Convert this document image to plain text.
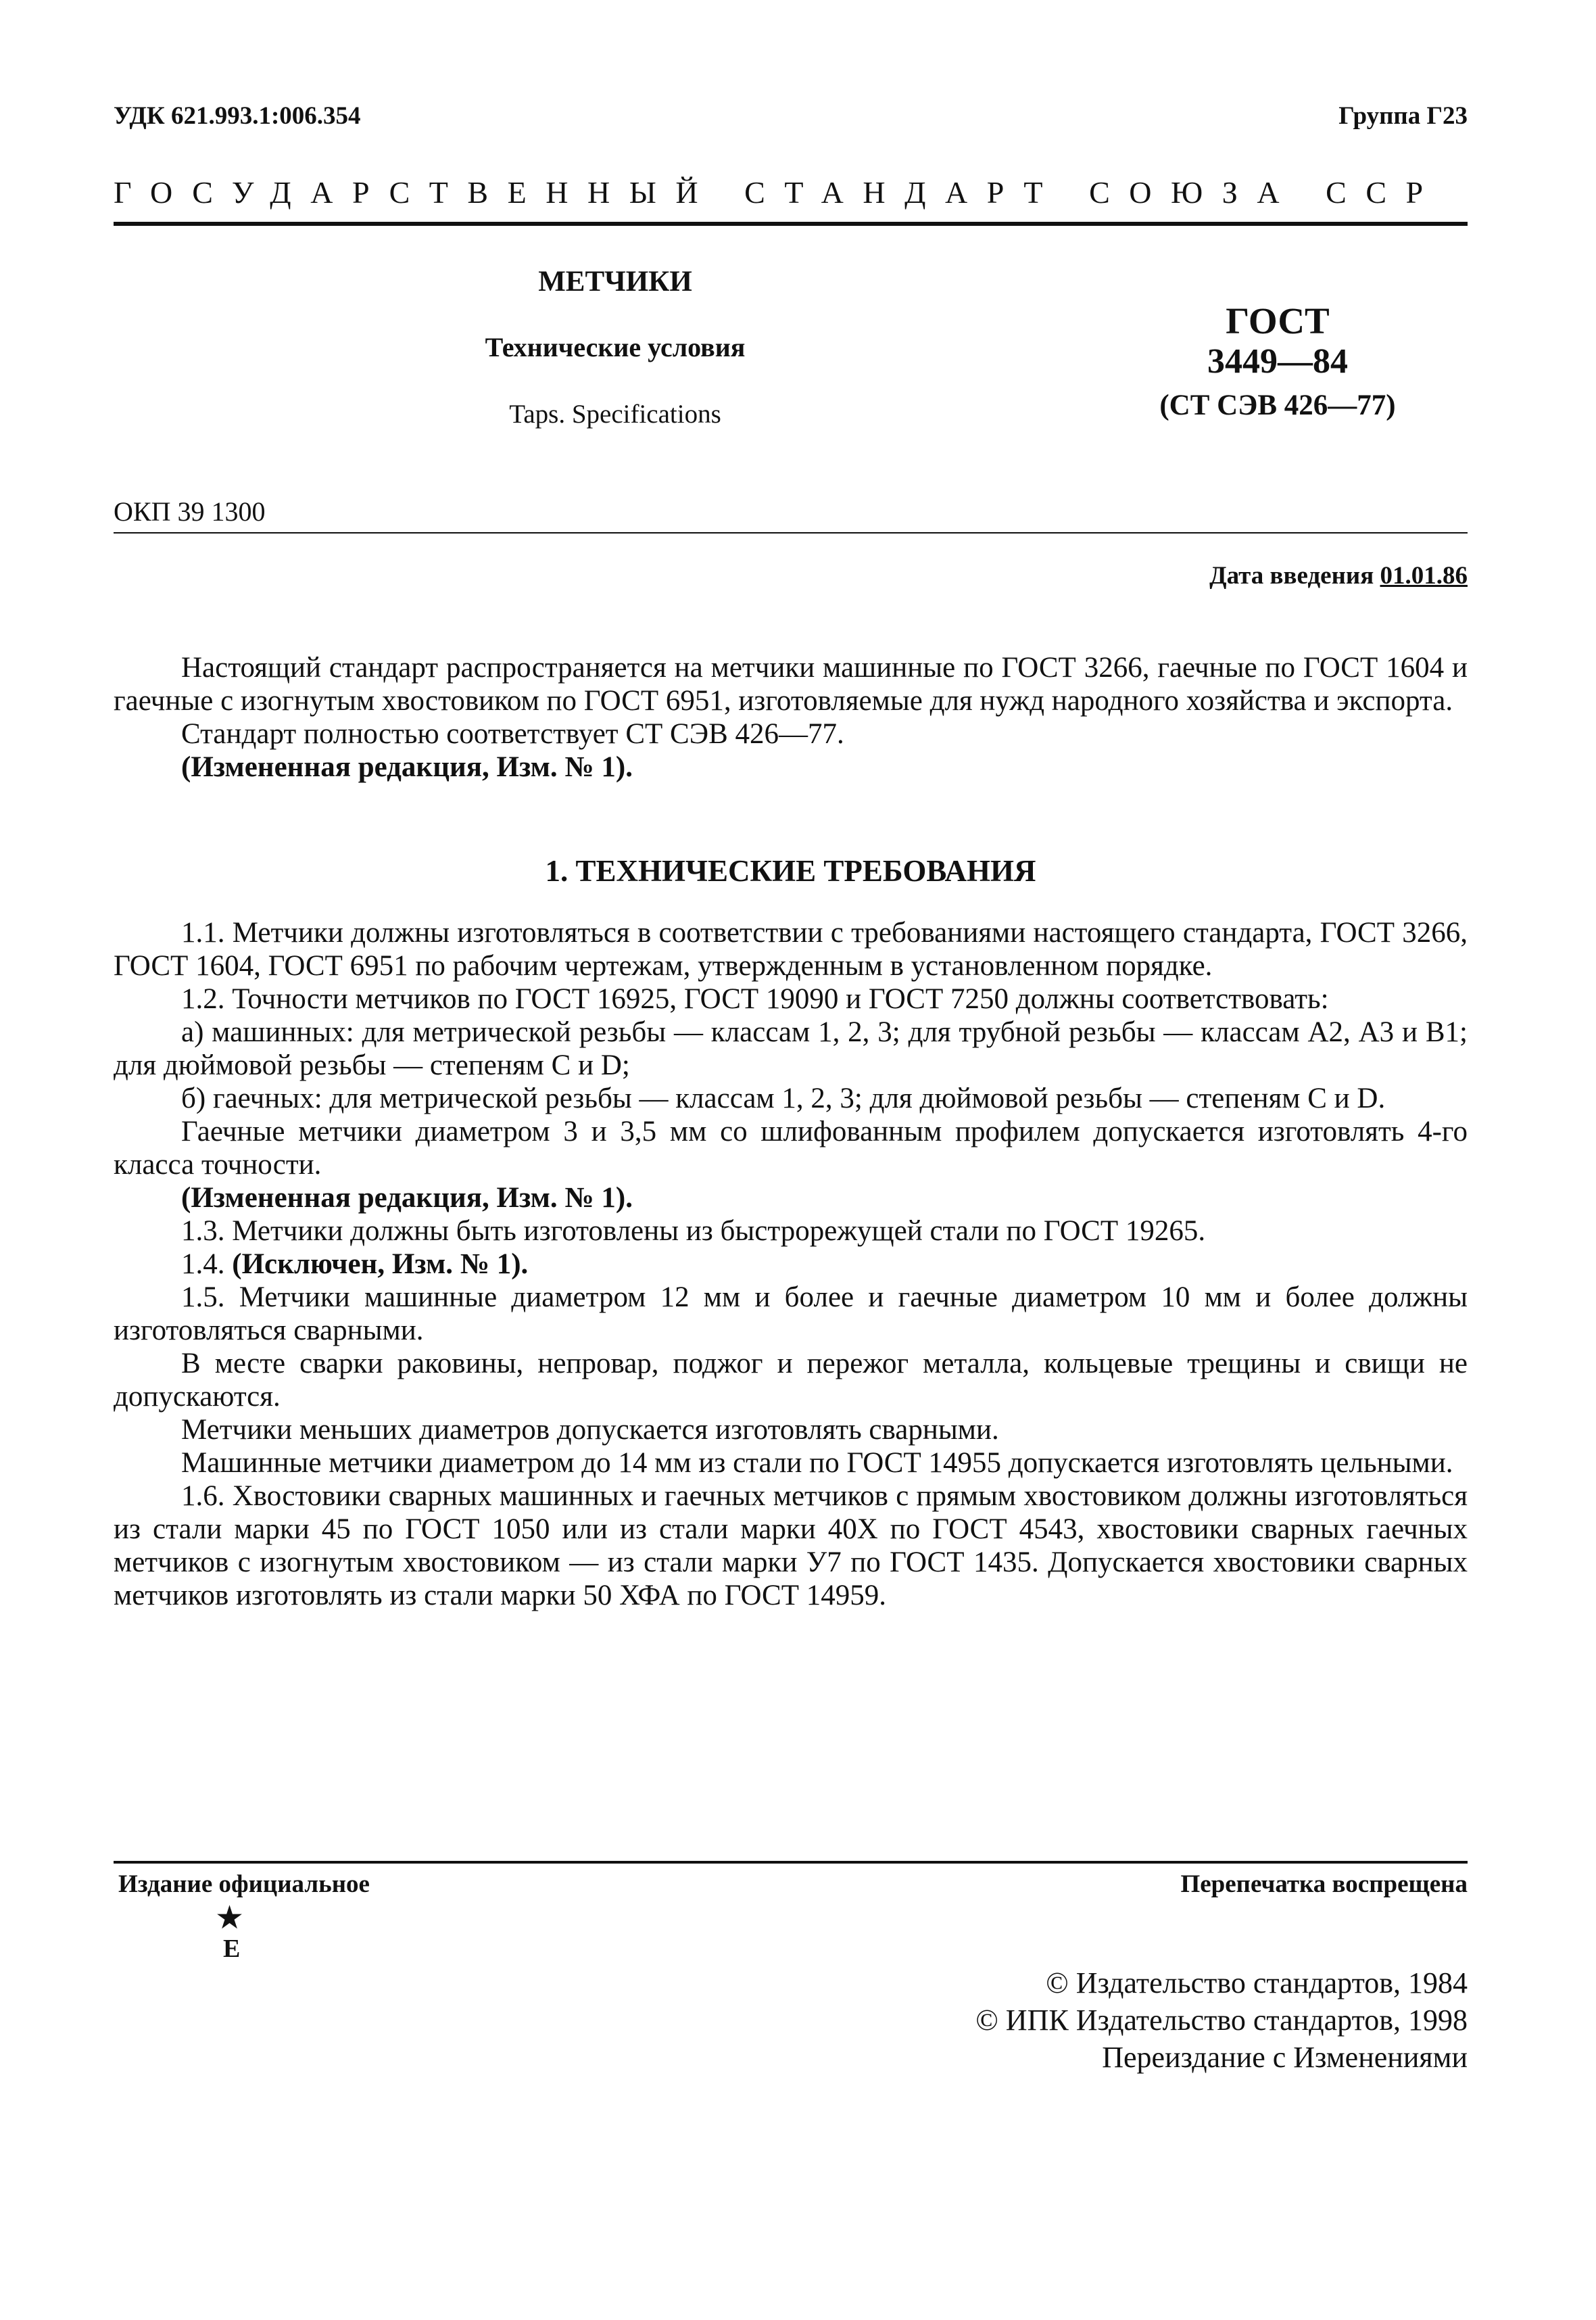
УДК 621.993.1:006.354	Группа Г23
ГОСУДАРСТВЕННЫЙ СТАНДАРТ СОЮЗА ССР
МЕТЧИКИ
Технические условия
Taps. Specifications
ГОСТ
3449—84
(СТ СЭВ 426—77)
ОКП 39 1300
Дата введения 01.01.86

Настоящий стандарт распространяется на метчики машинные по ГОСТ 3266, гаечные по ГОСТ 1604 и гаечные с изогнутым хвостовиком по ГОСТ 6951, изготовляемые для нужд народного хозяйства и экспорта.

Стандарт полностью соответствует СТ СЭВ 426—77.

(Измененная редакция, Изм. № 1).

1. ТЕХНИЧЕСКИЕ ТРЕБОВАНИЯ

1.1. Метчики должны изготовляться в соответствии с требованиями настоящего стандарта, ГОСТ 3266, ГОСТ 1604, ГОСТ 6951 по рабочим чертежам, утвержденным в установленном порядке.

1.2. Точности метчиков по ГОСТ 16925, ГОСТ 19090 и ГОСТ 7250 должны соответствовать:

а) машинных: для метрической резьбы — классам 1, 2, 3; для трубной резьбы — классам А2, А3 и В1; для дюймовой резьбы — степеням С и D;

б) гаечных: для метрической резьбы — классам 1, 2, 3; для дюймовой резьбы — степеням С и D.

Гаечные метчики диаметром 3 и 3,5 мм со шлифованным профилем допускается изготовлять 4-го класса точности.

(Измененная редакция, Изм. № 1).

1.3. Метчики должны быть изготовлены из быстрорежущей стали по ГОСТ 19265.

1.4. (Исключен, Изм. № 1).

1.5. Метчики машинные диаметром 12 мм и более и гаечные диаметром 10 мм и более должны изготовляться сварными.

В месте сварки раковины, непровар, поджог и пережог металла, кольцевые трещины и свищи не допускаются.

Метчики меньших диаметров допускается изготовлять сварными.

Машинные метчики диаметром до 14 мм из стали по ГОСТ 14955 допускается изготовлять цельными.

1.6. Хвостовики сварных машинных и гаечных метчиков с прямым хвостовиком должны изготовляться из стали марки 45 по ГОСТ 1050 или из стали марки 40Х по ГОСТ 4543, хвостовики сварных гаечных метчиков с изогнутым хвостовиком — из стали марки У7 по ГОСТ 1435. Допускается хвостовики сварных метчиков изготовлять из стали марки 50 ХФА по ГОСТ 14959.

Издание официальное	Перепечатка воспрещена
★
Е
© Издательство стандартов, 1984
© ИПК Издательство стандартов, 1998
Переиздание с Изменениями
